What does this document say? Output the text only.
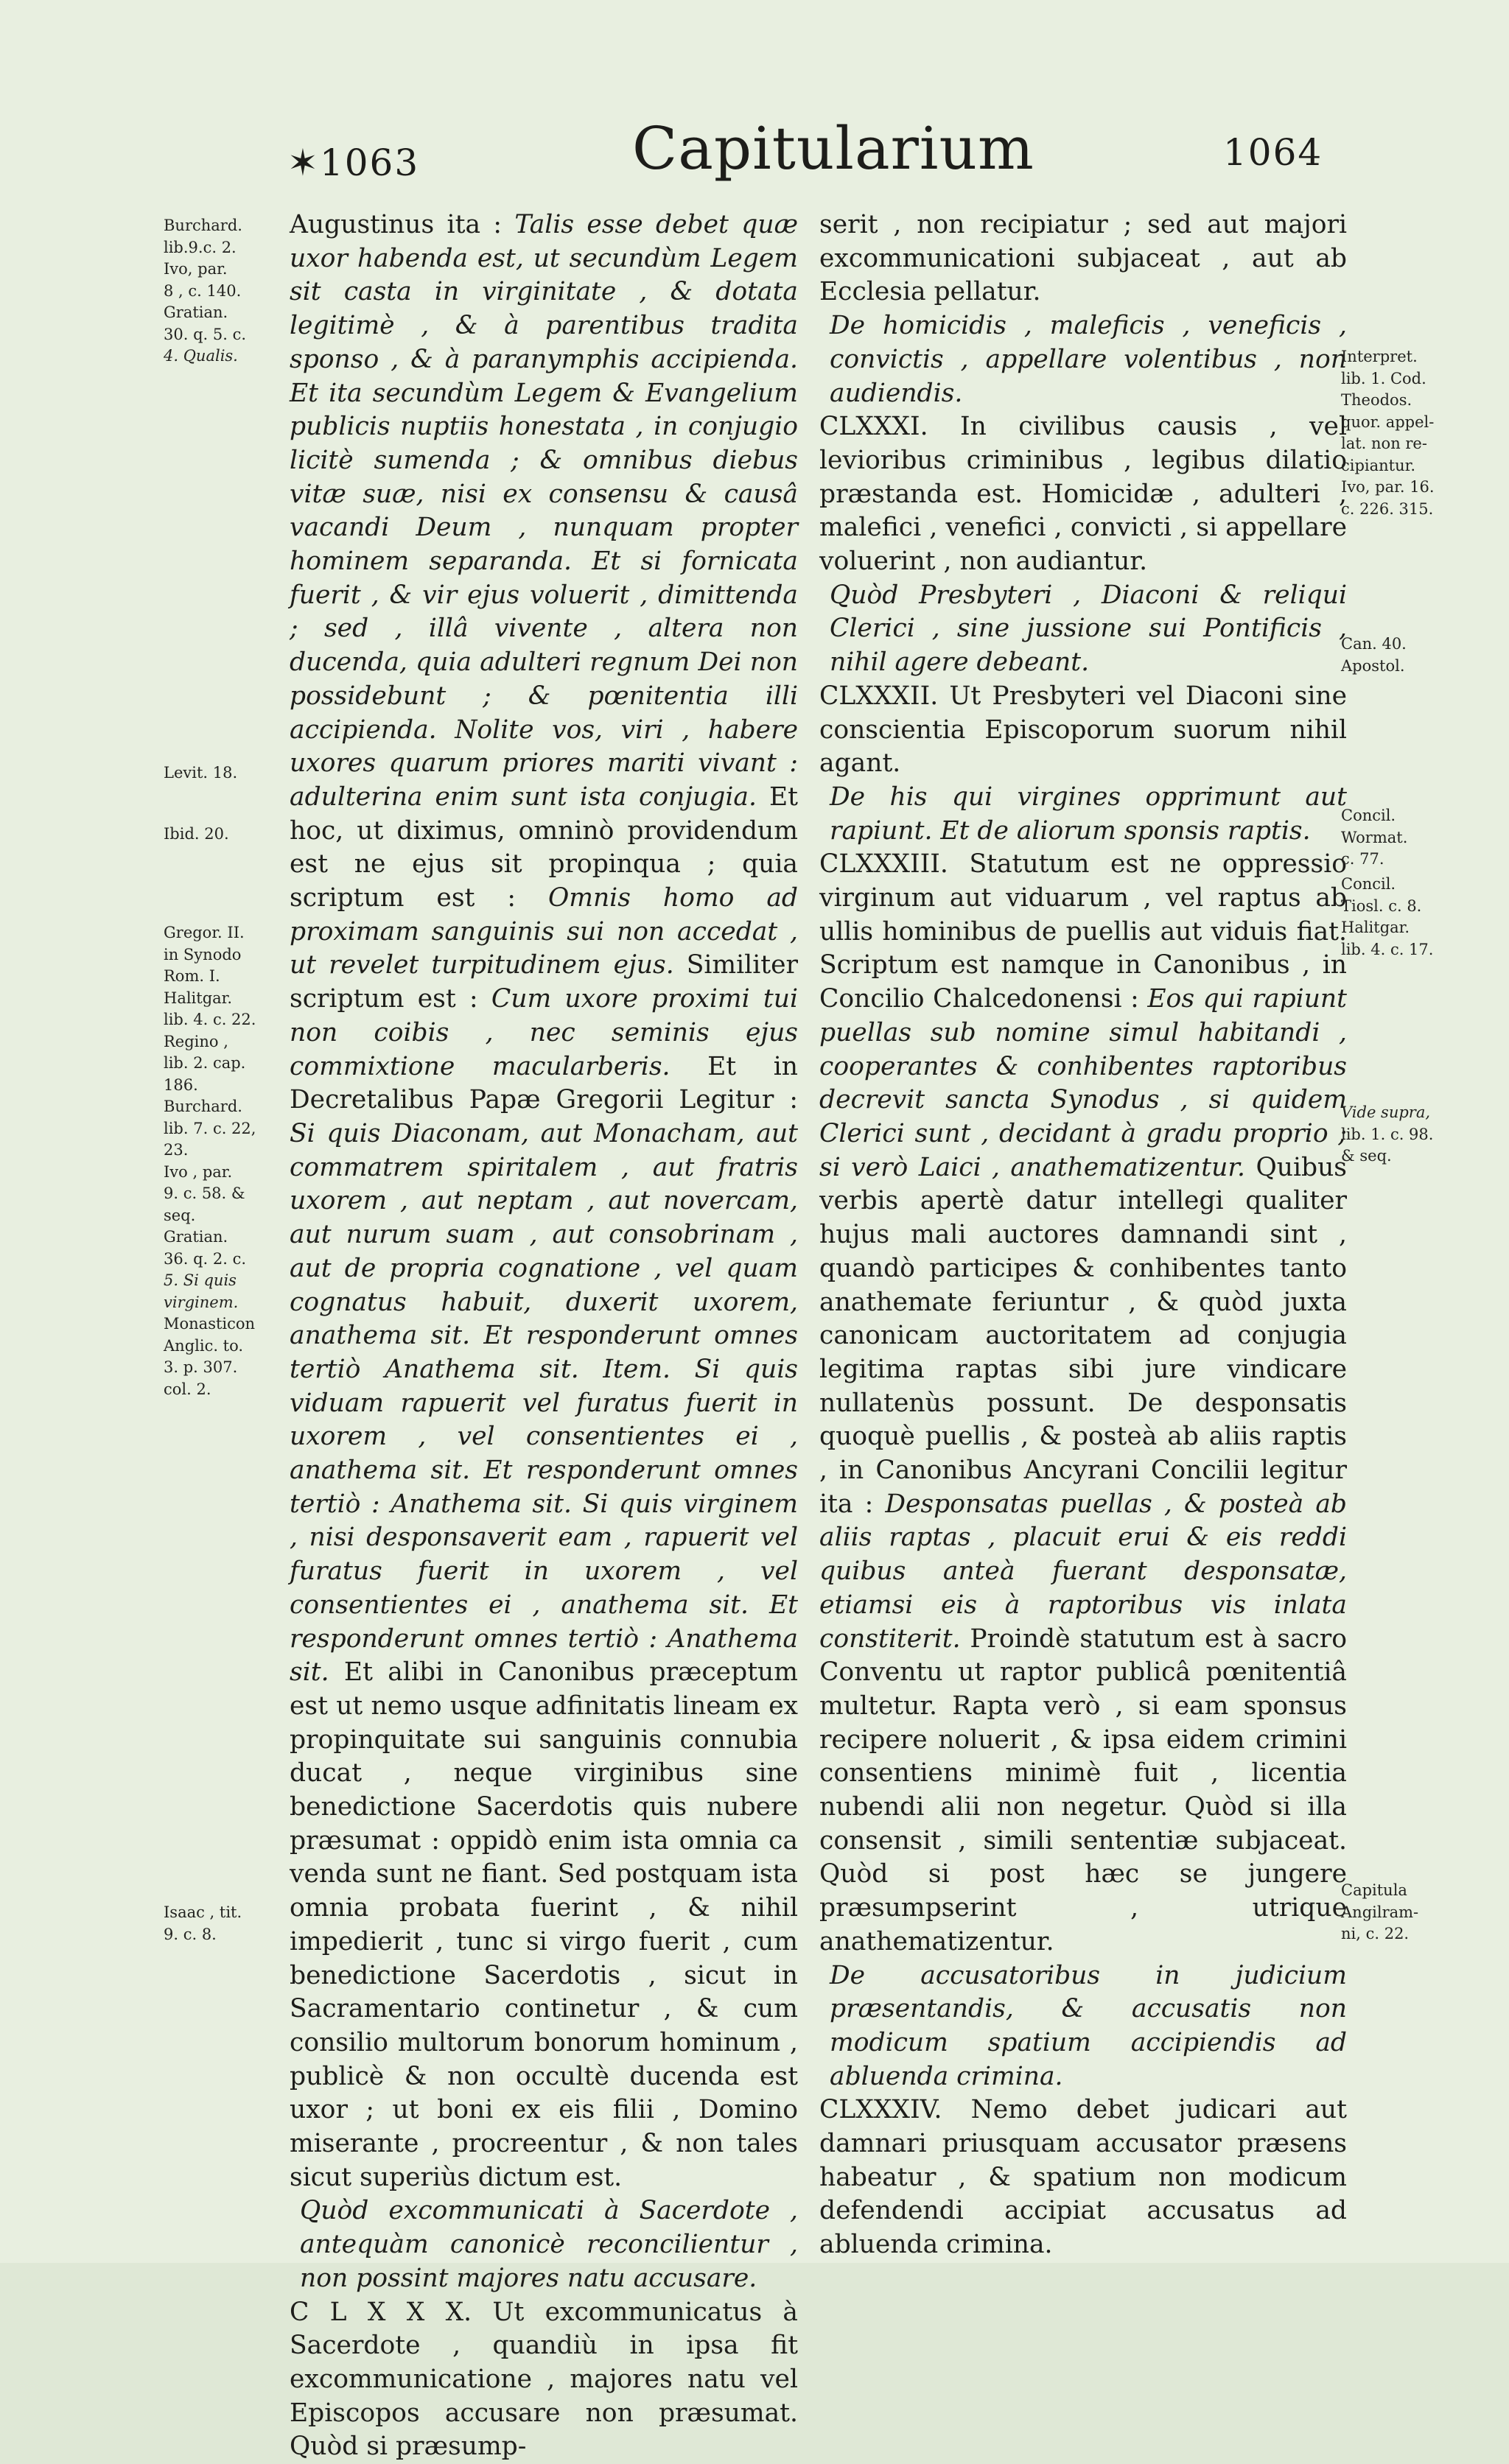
✶1063	Capitularium	1064

Burchard.

lib.9.c. 2.

Ivo, par.

8 , c. 140.

Gratian.

30. q. 5. c.

4. Qualis.

Levit. 18.

Ibid. 20.

Gregor. II.

in Synodo

Rom. I.

Halitgar.

lib. 4. c. 22.

Regino ,

lib. 2. cap.

186.

Burchard.

lib. 7. c. 22,

23.

Ivo , par.

9. c. 58. &

seq.

Gratian.

36. q. 2. c.

5. Si quis

virginem.

Monasticon

Anglic. to.

3. p. 307.

col. 2.

Isaac , tit.

9. c. 8.

Augustinus ita : Talis esse debet quæ uxor habenda est, ut secundùm Legem sit casta in virginitate , & dotata legitimè , & à parentibus tradita sponso , & à paranymphis accipienda. Et ita secundùm Legem & Evangelium publicis nuptiis honestata , in conjugio licitè sumenda ; & omnibus diebus vitæ suæ, nisi ex consensu & causâ vacandi Deum , nunquam propter hominem separanda. Et si fornicata fuerit , & vir ejus voluerit , dimittenda ; sed , illâ vivente , altera non ducenda, quia adulteri regnum Dei non possidebunt ; & pœnitentia illi accipienda. Nolite vos, viri , habere uxores quarum priores mariti vivant : adulterina enim sunt ista conjugia. Et hoc, ut diximus, omninò providendum est ne ejus sit propinqua ; quia scriptum est : Omnis homo ad proximam sanguinis sui non accedat , ut revelet turpitudinem ejus. Similiter scriptum est : Cum uxore proximi tui non coibis , nec seminis ejus commixtione macularberis. Et in Decretalibus Papæ Gregorii Legitur : Si quis Diaconam, aut Monacham, aut commatrem spiritalem , aut fratris uxorem , aut neptam , aut novercam, aut nurum suam , aut consobrinam , aut de propria cognatione , vel quam cognatus habuit, duxerit uxorem, anathema sit. Et responderunt omnes tertiò Anathema sit. Item. Si quis viduam rapuerit vel furatus fuerit in uxorem , vel consentientes ei , anathema sit. Et responderunt omnes tertiò : Anathema sit. Si quis virginem , nisi desponsaverit eam , rapuerit vel furatus fuerit in uxorem , vel consentientes ei , anathema sit. Et responderunt omnes tertiò : Anathema sit. Et alibi in Canonibus præceptum est ut nemo usque adfinitatis lineam ex propinquitate sui sanguinis connubia ducat , neque virginibus sine benedictione Sacerdotis quis nubere præsumat : oppidò enim ista omnia ca venda sunt ne fiant. Sed postquam ista omnia probata fuerint , & nihil impedierit , tunc si virgo fuerit , cum benedictione Sacerdotis , sicut in Sacramentario continetur , & cum consilio multorum bonorum hominum , publicè & non occultè ducenda est uxor ; ut boni ex eis filii , Domino miserante , procreentur , & non tales sicut superiùs dictum est.

Quòd excommunicati à Sacerdote , antequàm canonicè reconcilientur , non possint majores natu accusare.

C L X X X. Ut excommunicatus à Sacerdote , quandiù in ipsa fit excommunicatione , majores natu vel Episcopos accusare non præsumat. Quòd si præsump-

serit , non recipiatur ; sed aut majori excommunicationi subjaceat , aut ab Ecclesia pellatur.

De homicidis , maleficis , veneficis , convictis , appellare volentibus , non audiendis.

CLXXXI. In civilibus causis , vel levioribus criminibus , legibus dilatio præstanda est. Homicidæ , adulteri , malefici , venefici , convicti , si appellare voluerint , non audiantur.

Quòd Presbyteri , Diaconi & reliqui Clerici , sine jussione sui Pontificis , nihil agere debeant.

CLXXXII. Ut Presbyteri vel Diaconi sine conscientia Episcoporum suorum nihil agant.

De his qui virgines opprimunt aut rapiunt. Et de aliorum sponsis raptis.

CLXXXIII. Statutum est ne oppressio virginum aut viduarum , vel raptus ab ullis hominibus de puellis aut viduis fiat. Scriptum est namque in Canonibus , in Concilio Chalcedonensi : Eos qui rapiunt puellas sub nomine simul habitandi , cooperantes & conhibentes raptoribus decrevit sancta Synodus , si quidem Clerici sunt , decidant à gradu proprio ; si verò Laici , anathematizentur. Quibus verbis apertè datur intellegi qualiter hujus mali auctores damnandi sint , quandò participes & conhibentes tanto anathemate feriuntur , & quòd juxta canonicam auctoritatem ad conjugia legitima raptas sibi jure vindicare nullatenùs possunt. De desponsatis quoquè puellis , & posteà ab aliis raptis , in Canonibus Ancyrani Concilii legitur ita : Desponsatas puellas , & posteà ab aliis raptas , placuit erui & eis reddi quibus anteà fuerant desponsatæ, etiamsi eis à raptoribus vis inlata constiterit. Proindè statutum est à sacro Conventu ut raptor publicâ pœnitentiâ multetur. Rapta verò , si eam sponsus recipere noluerit , & ipsa eidem crimini consentiens minimè fuit , licentia nubendi alii non negetur. Quòd si illa consensit , simili sententiæ subjaceat. Quòd si post hæc se jungere præsumpserint , utrique anathematizentur.

De accusatoribus in judicium præsentandis, & accusatis non modicum spatium accipiendis ad abluenda crimina.

CLXXXIV. Nemo debet judicari aut damnari priusquam accusator præsens habeatur , & spatium non modicum defendendi accipiat accusatus ad abluenda crimina.

Interpret.

lib. 1. Cod.

Theodos.

quor. appel-

lat. non re-

cipiantur.

Ivo, par. 16.

c. 226. 315.

Can. 40.

Apostol.

Concil.

Wormat.

c. 77.

Concil.

Tiosl. c. 8.

Halitgar.

lib. 4. c. 17.

Vide supra,

lib. 1. c. 98.

& seq.

Capitula

Angilram-

ni, c. 22.
